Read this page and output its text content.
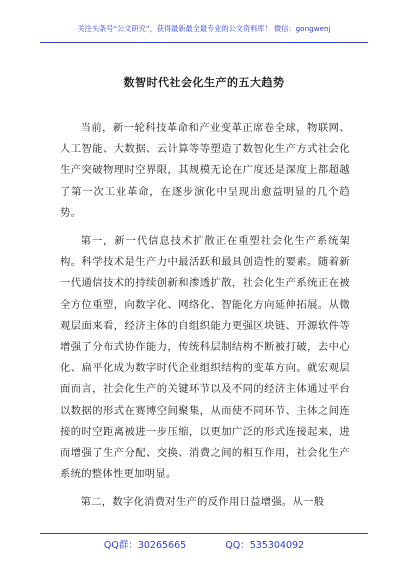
关注头条号“公文研究”，获得最新最全最专业的公文资料库！ 微信：gongwenj
数智时代社会化生产的五大趋势

当前，新一轮科技革命和产业变革正席卷全球，物联网、人工智能、大数据、云计算等等塑造了数智化生产方式社会化生产突破物理时空界限，其规模无论在广度还是深度上都超越了第一次工业革命，在逐步演化中呈现出愈益明显的几个趋势。

第一，新一代信息技术扩散正在重塑社会化生产系统架构。科学技术是生产力中最活跃和最具创造性的要素。随着新一代通信技术的持续创新和渗透扩散，社会化生产系统正在被全方位重塑，向数字化、网络化、智能化方向延伸拓展。从微观层面来看，经济主体的自组织能力更强区块链、开源软件等增强了分布式协作能力，传统科层制结构不断被打破，去中心化、扁平化成为数字时代企业组织结构的变革方向。就宏观层面而言，社会化生产的关键环节以及不同的经济主体通过平台以数据的形式在赛博空间聚集，从而使不同环节、主体之间连接的时空距离被进一步压缩，以更加广泛的形式连接起来，进而增强了生产分配、交换、消费之间的相互作用，社会化生产系统的整体性更加明显。

第二，数字化消费对生产的反作用日益增强。从一般

QQ群：30265665	QQ：535304092
